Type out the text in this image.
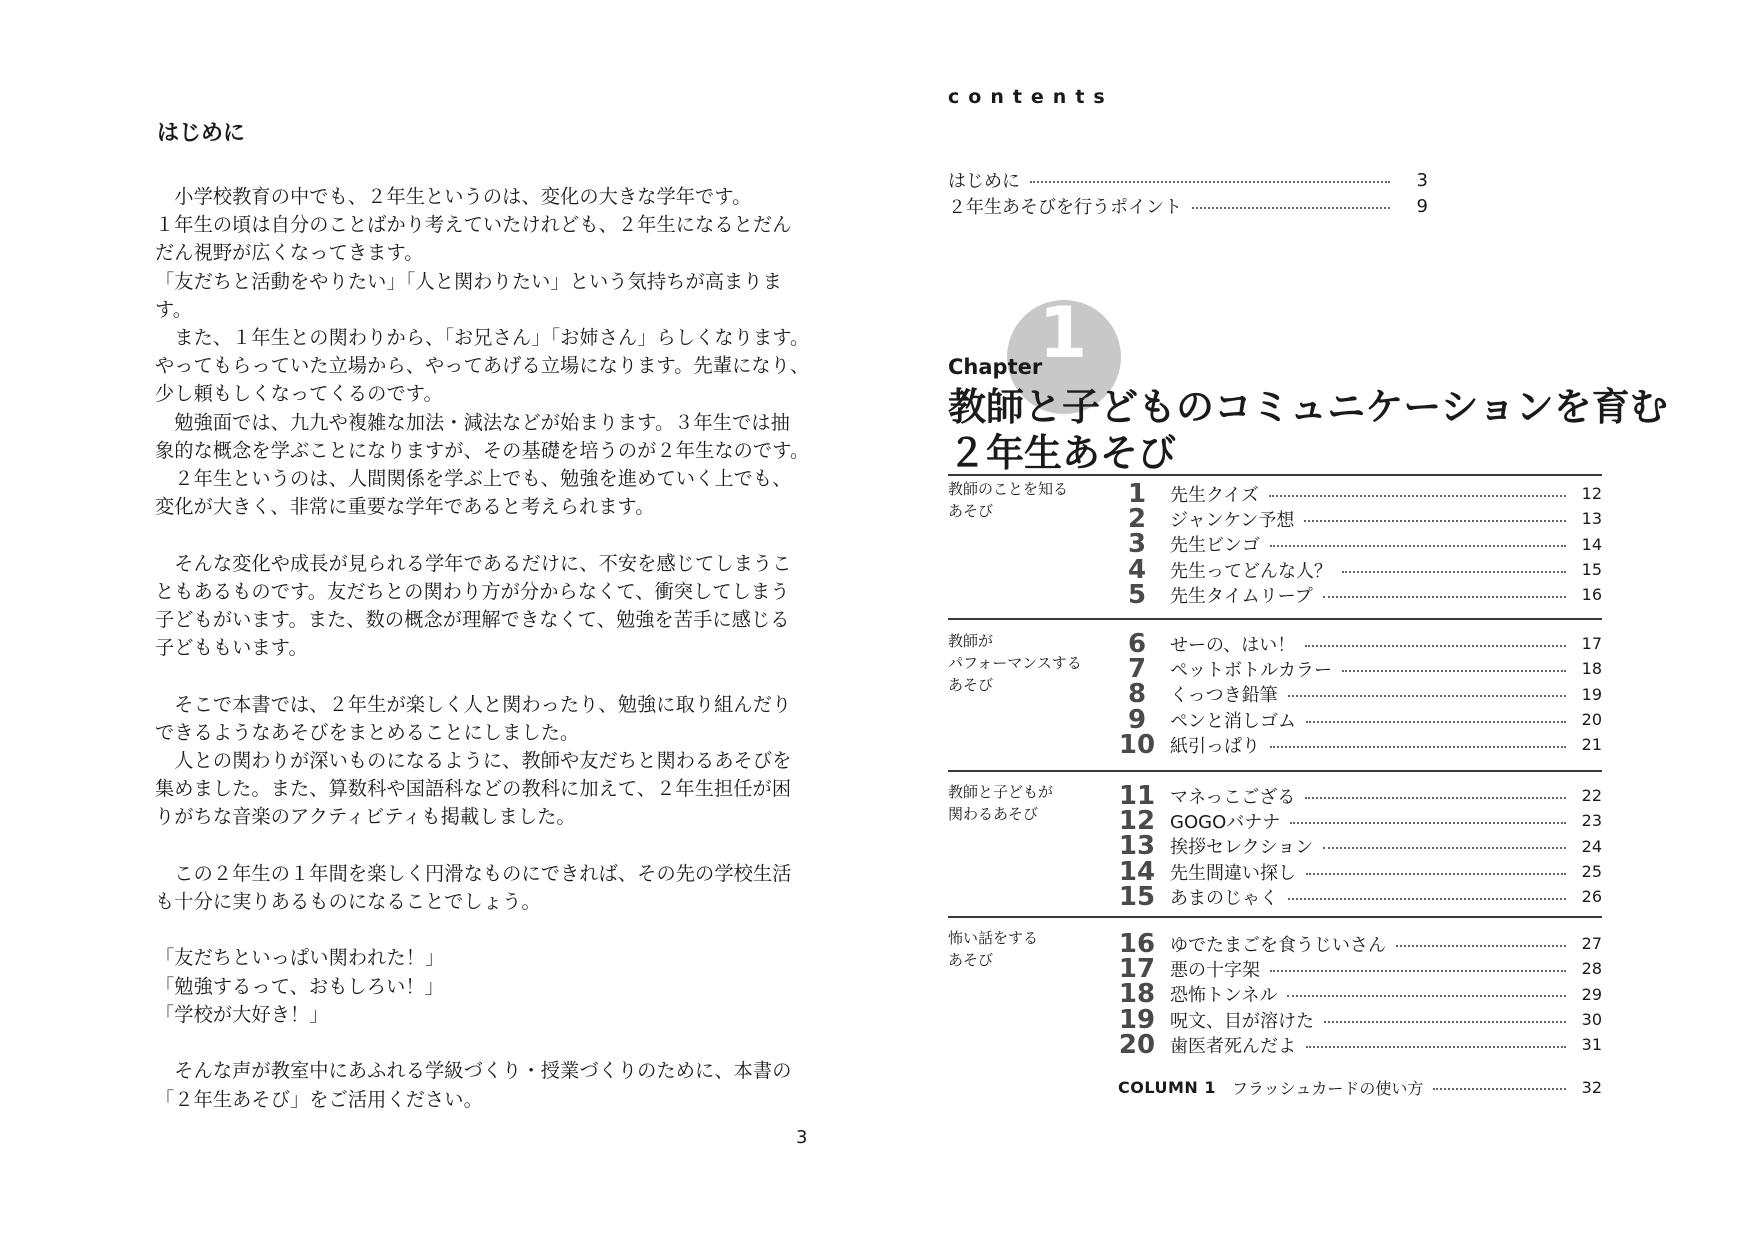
はじめに
　小学校教育の中でも、２年生というのは、変化の大きな学年です。
１年生の頃は自分のことばかり考えていたけれども、２年生になるとだん
だん視野が広くなってきます。
「友だちと活動をやりたい」「人と関わりたい」という気持ちが高まります。
　また、１年生との関わりから、「お兄さん」「お姉さん」らしくなります。
やってもらっていた立場から、やってあげる立場になります。先輩になり、
少し頼もしくなってくるのです。
　勉強面では、九九や複雑な加法・減法などが始まります。３年生では抽
象的な概念を学ぶことになりますが、その基礎を培うのが２年生なのです。
　２年生というのは、人間関係を学ぶ上でも、勉強を進めていく上でも、
変化が大きく、非常に重要な学年であると考えられます。

　そんな変化や成長が見られる学年であるだけに、不安を感じてしまうこ
ともあるものです。友だちとの関わり方が分からなくて、衝突してしまう
子どもがいます。また、数の概念が理解できなくて、勉強を苦手に感じる
子どももいます。

　そこで本書では、２年生が楽しく人と関わったり、勉強に取り組んだり
できるようなあそびをまとめることにしました。
　人との関わりが深いものになるように、教師や友だちと関わるあそびを
集めました。また、算数科や国語科などの教科に加えて、２年生担任が困
りがちな音楽のアクティビティも掲載しました。

　この２年生の１年間を楽しく円滑なものにできれば、その先の学校生活
も十分に実りあるものになることでしょう。

「友だちといっぱい関われた！」
「勉強するって、おもしろい！」
「学校が大好き！」

　そんな声が教室中にあふれる学級づくり・授業づくりのために、本書の
「２年生あそび」をご活用ください。
3
contents
はじめに	3
２年生あそびを行うポイント	9
1
Chapter
教師と子どものコミュニケーションを育む
２年生あそび
教師のことを知る
あそび
1	先生クイズ	12
2	ジャンケン予想	13
3	先生ビンゴ	14
4	先生ってどんな人？	15
5	先生タイムリープ	16
教師が
パフォーマンスする
あそび
6	せーの、はい！	17
7	ペットボトルカラー	18
8	くっつき鉛筆	19
9	ペンと消しゴム	20
10 紙引っぱり	21
教師と子どもが
関わるあそび
11 マネっこござる	22
12 GOGOバナナ	23
13 挨拶セレクション	24
14 先生間違い探し	25
15 あまのじゃく	26
怖い話をする
あそび
16 ゆでたまごを食うじいさん	27
17 悪の十字架	28
18 恐怖トンネル	29
19 呪文、目が溶けた	30
20 歯医者死んだよ	31
COLUMN 1 フラッシュカードの使い方	32
